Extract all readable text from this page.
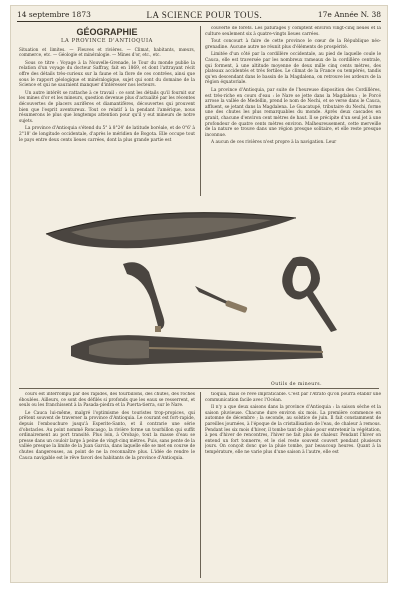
14 septembre 1873	LA SCIENCE POUR TOUS.	17e Année N. 38
GÉOGRAPHIE
LA PROVINCE D'ANTIOQUIA
Situation et limites. — Fleuves et rivières. — Climat, habitants, mœurs, commerce, etc. — Géologie et minéralogie. — Mines d'or, etc., etc.

Sous ce titre : Voyage à la Nouvelle-Grenade, le Tour du monde publie la relation d'un voyage du docteur Saffray, fait en 1869, et dont l'attrayant récit offre des détails très-curieux sur la faune et la flore de ces contrées, ainsi que sous le rapport géologique et minéralogique, sujet qui sont du domaine de la Science et qui ne sauraient manquer d'intéresser nos lecteurs.

Un autre intérêt se rattache à ce travail : ce sont les détails qu'il fournit sur les mines d'or et les mineurs, question devenue plus d'actualité par les récentes découvertes de placers aurifères et diamantifères, découvertes qui prouvent bien que l'esprit aventureux. Tout ce relatif à la pendant l'amérique, nous résumerons le plus que longtemps attention pour qu'il y eut mineurs de notre sujets.

La province d'Antioquia s'étend du 5° à 8°24' de latitude boréale, et de 0°6' à 2°18' de longitude occidentale, d'après le méridien de Bogota. Elle occupe tout le pays entre deux cents lieues carrées, dont la plus grande partie est

couverte de forêts. Les pâturages y comptent environ vingt-cinq lieues et la culture seulement six à quatre-vingts lieues carrées.

Tout concourt à faire de cette province le cœur de la République néo-grenadine. Aucune autre ne réunit plus d'éléments de prospérité.

Limitée d'un côté par la cordillère occidentale, au pied de laquelle coule le Cauca, elle est traversée par les nombreux rameaux de la cordillère centrale, qui forment, à une altitude moyenne de deux mille cinq cents mètres, des plateaux accidentés et très fertiles. Le climat de la France ou tempérés, tandis qu'en descendant dans le bassin de la Magdalena, on retrouve les ardeurs de la région équatoriale.

La province d'Antioquia, par suite de l'heureuse disposition des Cordillères, est très-riche en cours d'eau : le Nare se jette dans la Magdalena ; le Porcé arrose la vallée de Medellin, prend le nom de Nechi, et se verse dans le Cauca, affluent, se jetant dans la Magdalena. Le Guacatupé, tributaire du Nechi, forme une des chutes les plus remarquables du monde. Après deux cascades en granit, chacune d'environ cent mètres de haut. Il se précipite d'un seul jet à une profondeur de quatre cents mètres environ. Malheureusement, cette merveille de la nature se trouve dans une région presque solitaire, et elle reste presque inconnue.

A aucun de ces rivières n'est propre à la navigation. Leur

Outils de mineurs.

cours est interrompu par des rapides, des tourbillons, des chutes, des roches éboulées. Ailleurs, ce sont des défilés si profonds que les eaux se resserrent, et seuls ou les franchissent à la Pasada-piedra et la Puerta-tierra, sur le Nare.

Le Cauca lui-même, malgré l'optimisme des touristes trop-propices, qui prêtent souvent de traverser la province d'Antioquia. Le courant est fort-rapide, depuis l'embouchure jusqu'à Esperite-Santo, et il contrarie une série d'obstacles. Au point nommé Roncasgo, la rivière forme un tourbillon qui suffit ordinairement au port transité. Plus loin, à Orobajo, tout la masse d'eau se presse dans un couloir large à peine de vingt-cinq mètres. Puis, sans pente de la vallée presque la limite de la Juan Garcia, dans laquelle elle se met en course de chutes dangereuses, au point de ne la reconnaître plus. L'idée de rendre le Cauca navigable est le rêve favori des habitants de la province d'Antioquia.

tioquia, mais ce rêve impraticable. C'est par l'Atrato qu'on pourra établir une communication facile avec l'Océan.

Il n'y a que deux saisons dans la province d'Antioquia : la saison sèche et la saison pluvieuse. Chacune dure environ six mois. La première commence en automne de décembre ; la seconde, au solstice de juin. Il fait constamment de pareilles journées, à l'époque de la cristallisation de l'eau, de chaleur à remous. Pendant les six mois d'hiver, il tombe tant de pluie pour entretenir la végétation, à peu d'hiver de rencontres, l'hiver ne fait plus de chaleur. Pendant l'hiver on entend un fort tonnerre, et le ciel reste souvent couvert pendant plusieurs jours. On conçoit donc que la pluie tombe, par beaucoup heures. Quant à la température, elle ne varie plus d'une saison à l'autre, elle est
